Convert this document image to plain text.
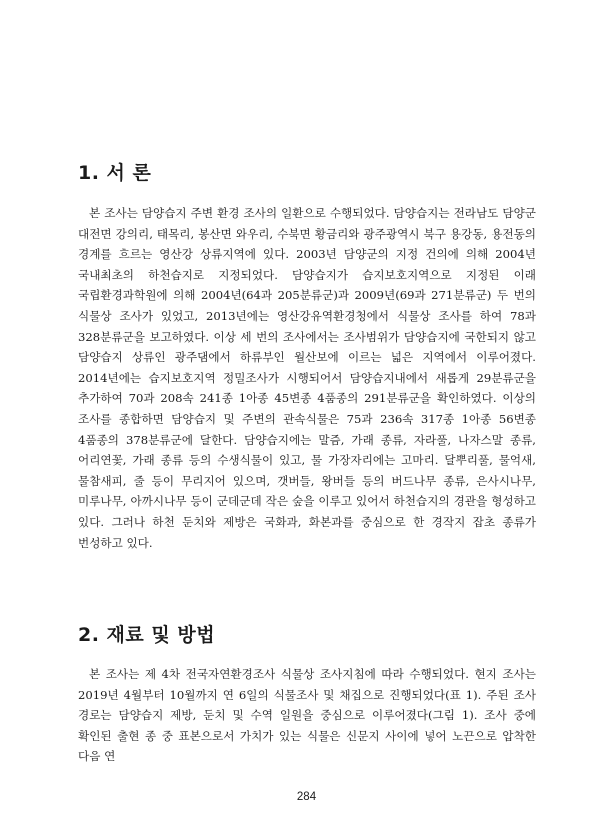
1. 서 론

본 조사는 담양습지 주변 환경 조사의 일환으로 수행되었다. 담양습지는 전라남도 담양군 대전면 강의리, 태목리, 봉산면 와우리, 수북면 황금리와 광주광역시 북구 용강동, 용전동의 경계를 흐르는 영산강 상류지역에 있다. 2003년 담양군의 지정 건의에 의해 2004년 국내최초의 하천습지로 지정되었다. 담양습지가 습지보호지역으로 지정된 이래 국립환경과학원에 의해 2004년(64과 205분류군)과 2009년(69과 271분류군) 두 번의 식물상 조사가 있었고, 2013년에는 영산강유역환경청에서 식물상 조사를 하여 78과 328분류군을 보고하였다. 이상 세 번의 조사에서는 조사범위가 담양습지에 국한되지 않고 담양습지 상류인 광주댐에서 하류부인 월산보에 이르는 넓은 지역에서 이루어졌다. 2014년에는 습지보호지역 정밀조사가 시행되어서 담양습지내에서 새롭게 29분류군을 추가하여 70과 208속 241종 1아종 45변종 4품종의 291분류군을 확인하였다. 이상의 조사를 종합하면 담양습지 및 주변의 관속식물은 75과 236속 317종 1아종 56변종 4품종의 378분류군에 달한다. 담양습지에는 말즘, 가래 종류, 자라풀, 나자스말 종류, 어리연꽃, 가래 종류 등의 수생식물이 있고, 물 가장자리에는 고마리. 달뿌리풀, 물억새, 물참새피, 줄 등이 무리지어 있으며, 갯버들, 왕버들 등의 버드나무 종류, 은사시나무, 미루나무, 아까시나무 등이 군데군데 작은 숲을 이루고 있어서 하천습지의 경관을 형성하고 있다. 그러나 하천 둔치와 제방은 국화과, 화본과를 중심으로 한 경작지 잡초 종류가 번성하고 있다.

2. 재료 및 방법

본 조사는 제 4차 전국자연환경조사 식물상 조사지침에 따라 수행되었다. 현지 조사는 2019년 4월부터 10월까지 연 6일의 식물조사 및 채집으로 진행되었다(표 1). 주된 조사 경로는 담양습지 제방, 둔치 및 수역 일원을 중심으로 이루어졌다(그림 1). 조사 중에 확인된 출현 종 중 표본으로서 가치가 있는 식물은 신문지 사이에 넣어 노끈으로 압착한 다음 연

284
